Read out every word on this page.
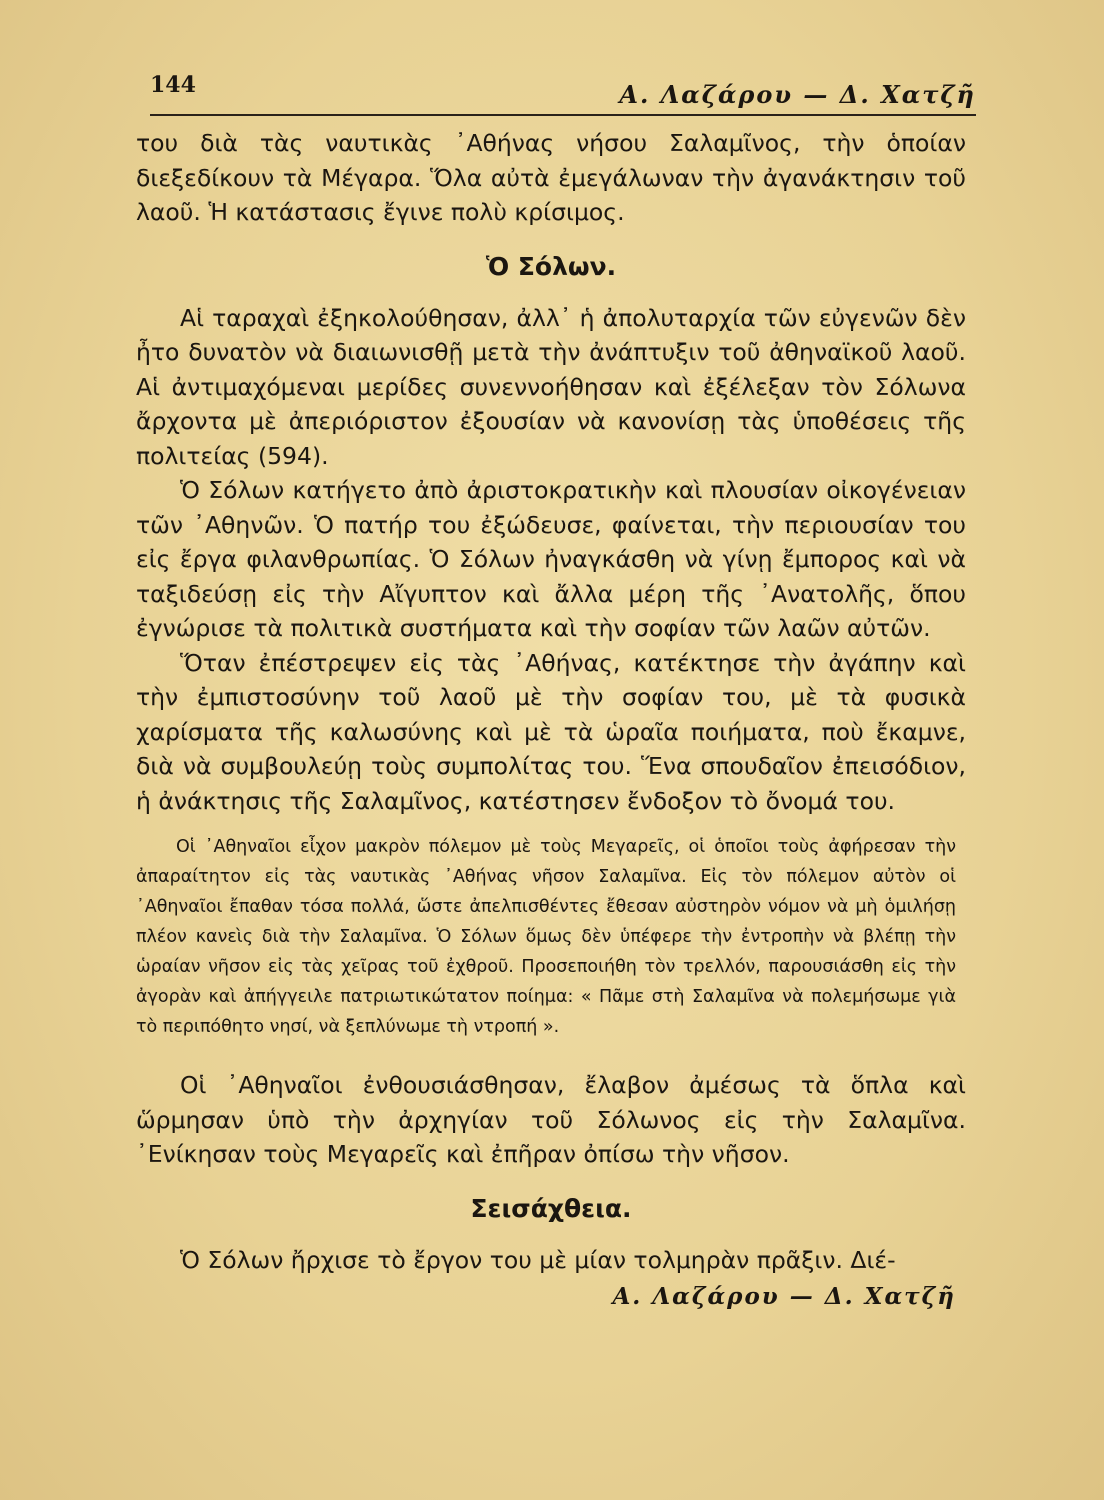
144	Α. Λαζάρου — Δ. Χατζῆ

του διὰ τὰς ναυτικὰς ᾿Αθήνας νήσου Σαλαμῖνος, τὴν ὁποίαν διεξεδίκουν τὰ Μέγαρα. Ὅλα αὐτὰ ἐμεγάλωναν τὴν ἀγανάκτησιν τοῦ λαοῦ. Ἡ κατάστασις ἔγινε πολὺ κρίσιμος.

Ὁ Σόλων.

Αἱ ταραχαὶ ἐξηκολούθησαν, ἀλλ᾽ ἡ ἀπολυταρχία τῶν εὐγενῶν δὲν ἦτο δυνατὸν νὰ διαιωνισθῇ μετὰ τὴν ἀνάπτυξιν τοῦ ἀθηναϊκοῦ λαοῦ. Αἱ ἀντιμαχόμεναι μερίδες συνεννοήθησαν καὶ ἐξέλεξαν τὸν Σόλωνα ἄρχοντα μὲ ἀπεριόριστον ἐξουσίαν νὰ κανονίσῃ τὰς ὑποθέσεις τῆς πολιτείας (594).

Ὁ Σόλων κατήγετο ἀπὸ ἀριστοκρατικὴν καὶ πλουσίαν οἰκογένειαν τῶν ᾿Αθηνῶν. Ὁ πατήρ του ἐξώδευσε, φαίνεται, τὴν περιουσίαν του εἰς ἔργα φιλανθρωπίας. Ὁ Σόλων ἠναγκάσθη νὰ γίνῃ ἔμπορος καὶ νὰ ταξιδεύσῃ εἰς τὴν Αἴγυπτον καὶ ἄλλα μέρη τῆς ᾿Ανατολῆς, ὅπου ἐγνώρισε τὰ πολιτικὰ συστήματα καὶ τὴν σοφίαν τῶν λαῶν αὐτῶν.

Ὅταν ἐπέστρεψεν εἰς τὰς ᾿Αθήνας, κατέκτησε τὴν ἀγάπην καὶ τὴν ἐμπιστοσύνην τοῦ λαοῦ μὲ τὴν σοφίαν του, μὲ τὰ φυσικὰ χαρίσματα τῆς καλωσύνης καὶ μὲ τὰ ὡραῖα ποιήματα, ποὺ ἔκαμνε, διὰ νὰ συμβουλεύῃ τοὺς συμπολίτας του. Ἕνα σπουδαῖον ἐπεισόδιον, ἡ ἀνάκτησις τῆς Σαλαμῖνος, κατέστησεν ἔνδοξον τὸ ὄνομά του.

Οἱ ᾿Αθηναῖοι εἶχον μακρὸν πόλεμον μὲ τοὺς Μεγαρεῖς, οἱ ὁποῖοι τοὺς ἀφήρεσαν τὴν ἀπαραίτητον εἰς τὰς ναυτικὰς ᾿Αθήνας νῆσον Σαλαμῖνα. Εἰς τὸν πόλεμον αὐτὸν οἱ ᾿Αθηναῖοι ἔπαθαν τόσα πολλά, ὥστε ἀπελπισθέντες ἔθεσαν αὐστηρὸν νόμον νὰ μὴ ὁμιλήσῃ πλέον κανεὶς διὰ τὴν Σαλαμῖνα. Ὁ Σόλων ὅμως δὲν ὑπέφερε τὴν ἐντροπὴν νὰ βλέπῃ τὴν ὡραίαν νῆσον εἰς τὰς χεῖρας τοῦ ἐχθροῦ. Προσεποιήθη τὸν τρελλόν, παρουσιάσθη εἰς τὴν ἀγορὰν καὶ ἀπήγγειλε πατριωτικώτατον ποίημα: « Πᾶμε στὴ Σαλαμῖνα νὰ πολεμήσωμε γιὰ τὸ περιπόθητο νησί, νὰ ξεπλύνωμε τὴ ντροπή ».

Οἱ ᾿Αθηναῖοι ἐνθουσιάσθησαν, ἔλαβον ἀμέσως τὰ ὅπλα καὶ ὥρμησαν ὑπὸ τὴν ἀρχηγίαν τοῦ Σόλωνος εἰς τὴν Σαλαμῖνα. ᾿Ενίκησαν τοὺς Μεγαρεῖς καὶ ἐπῆραν ὀπίσω τὴν νῆσον.

Σεισάχθεια.

Ὁ Σόλων ἤρχισε τὸ ἔργον του μὲ μίαν τολμηρὰν πρᾶξιν. Διέ-

Α. Λαζάρου — Δ. Χατζῆ
